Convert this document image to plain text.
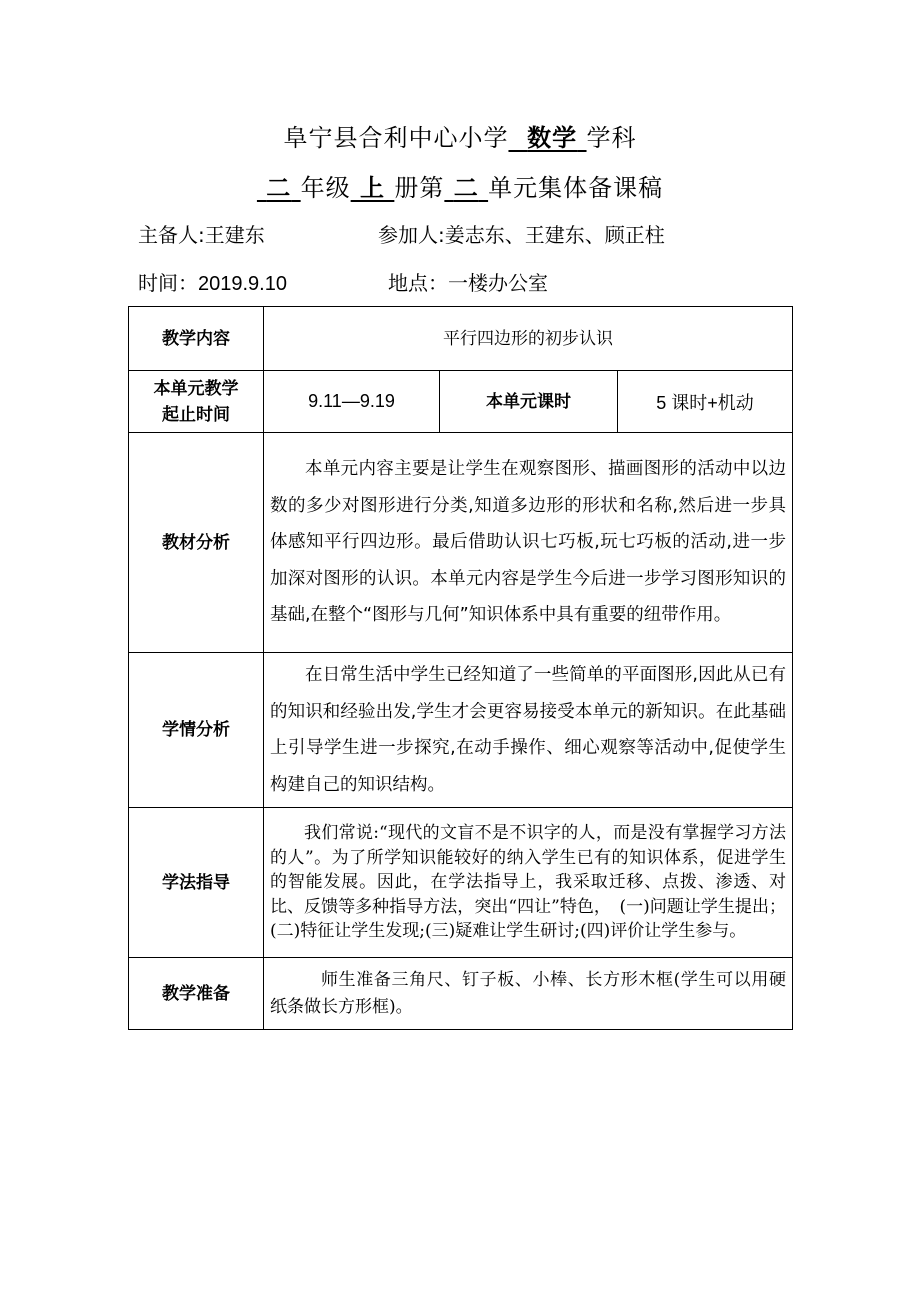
阜宁县合利中心小学 数学 学科
二 年级 上 册第 二 单元集体备课稿
主备人:王建东	参加人:姜志东、王建东、顾正柱
时间：2019.9.10	地点：一楼办公室
教学内容	平行四边形的初步认识		

本单元教学
起止时间	9.11—9.19	本单元课时	5 课时+机动
教材分析	本单元内容主要是让学生在观察图形、描画图形的活动中以边数的多少对图形进行分类,知道多边形的形状和名称,然后进一步具体感知平行四边形。最后借助认识七巧板,玩七巧板的活动,进一步加深对图形的认识。本单元内容是学生今后进一步学习图形知识的基础,在整个“图形与几何”知识体系中具有重要的纽带作用。		

学情分析	在日常生活中学生已经知道了一些简单的平面图形,因此从已有的知识和经验出发,学生才会更容易接受本单元的新知识。在此基础上引导学生进一步探究,在动手操作、细心观察等活动中,促使学生构建自己的知识结构。		

学法指导	我们常说:“现代的文盲不是不识字的人，而是没有掌握学习方法的人”。为了所学知识能较好的纳入学生已有的知识体系，促进学生的智能发展。因此，在学法指导上，我采取迁移、点拨、渗透、对比、反馈等多种指导方法，突出“四让”特色，　(一)问题让学生提出；(二)特征让学生发现;(三)疑难让学生研讨;(四)评价让学生参与。		

教学准备	师生准备三角尺、钉子板、小棒、长方形木框(学生可以用硬纸条做长方形框)。		
